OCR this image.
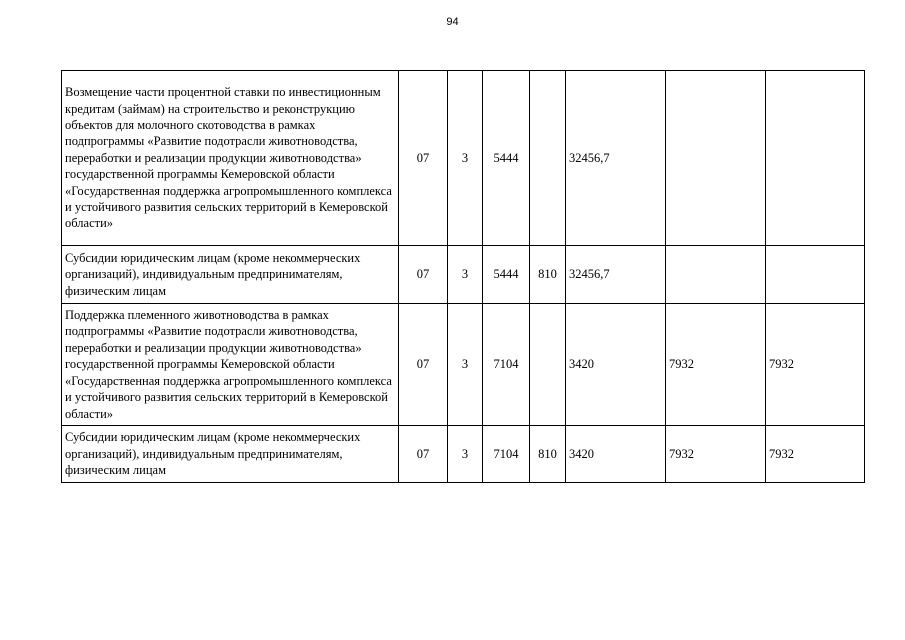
94
Возмещение части процентной ставки по инвестиционным кредитам (займам) на строительство и реконструкцию объектов для молочного скотоводства в рамках подпрограммы «Развитие подотрасли животноводства, переработки и реализации продукции животноводства» государственной программы Кемеровской области «Государственная поддержка агропромышленного комплекса и устойчивого развития сельских территорий в Кемеровской области»	07	3	5444		32456,7		
Субсидии юридическим лицам (кроме некоммерческих организаций), индивидуальным предпринимателям, физическим лицам	07	3	5444	810	32456,7		
Поддержка племенного животноводства в рамках подпрограммы «Развитие подотрасли животноводства, переработки и реализации продукции животноводства» государственной программы Кемеровской области «Государственная поддержка агропромышленного комплекса и устойчивого развития сельских территорий в Кемеровской области»	07	3	7104		3420	7932	7932
Субсидии юридическим лицам (кроме некоммерческих организаций), индивидуальным предпринимателям, физическим лицам	07	3	7104	810	3420	7932	7932
